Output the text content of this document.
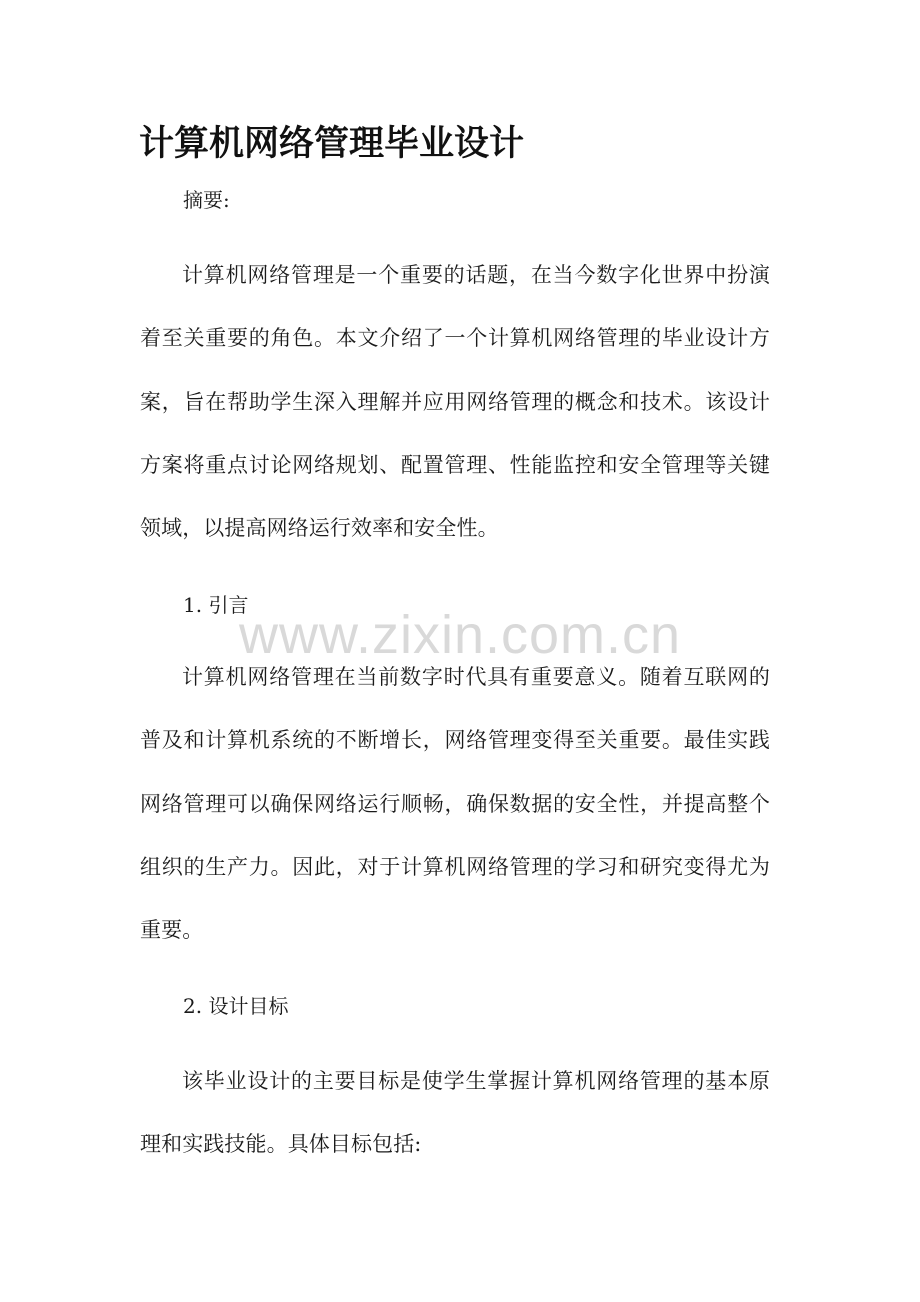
计算机网络管理毕业设计

摘要:

计算机网络管理是一个重要的话题，在当今数字化世界中扮演着至关重要的角色。本文介绍了一个计算机网络管理的毕业设计方案，旨在帮助学生深入理解并应用网络管理的概念和技术。该设计方案将重点讨论网络规划、配置管理、性能监控和安全管理等关键领域，以提高网络运行效率和安全性。

1. 引言

计算机网络管理在当前数字时代具有重要意义。随着互联网的普及和计算机系统的不断增长，网络管理变得至关重要。最佳实践网络管理可以确保网络运行顺畅，确保数据的安全性，并提高整个组织的生产力。因此，对于计算机网络管理的学习和研究变得尤为重要。

2. 设计目标

该毕业设计的主要目标是使学生掌握计算机网络管理的基本原理和实践技能。具体目标包括:

www.zixin.com.cn
